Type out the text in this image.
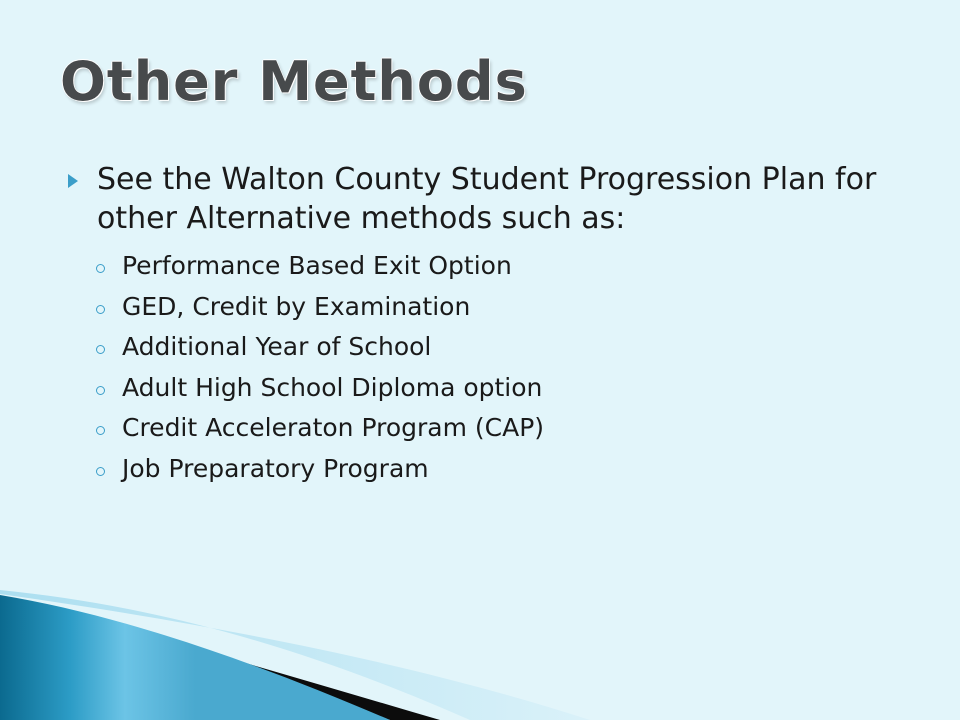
Other Methods
See the Walton County Student Progression Plan for other Alternative methods such as:
Performance Based Exit Option
GED, Credit by Examination
Additional Year of School
Adult High School Diploma option
Credit Acceleraton Program (CAP)
Job Preparatory Program
